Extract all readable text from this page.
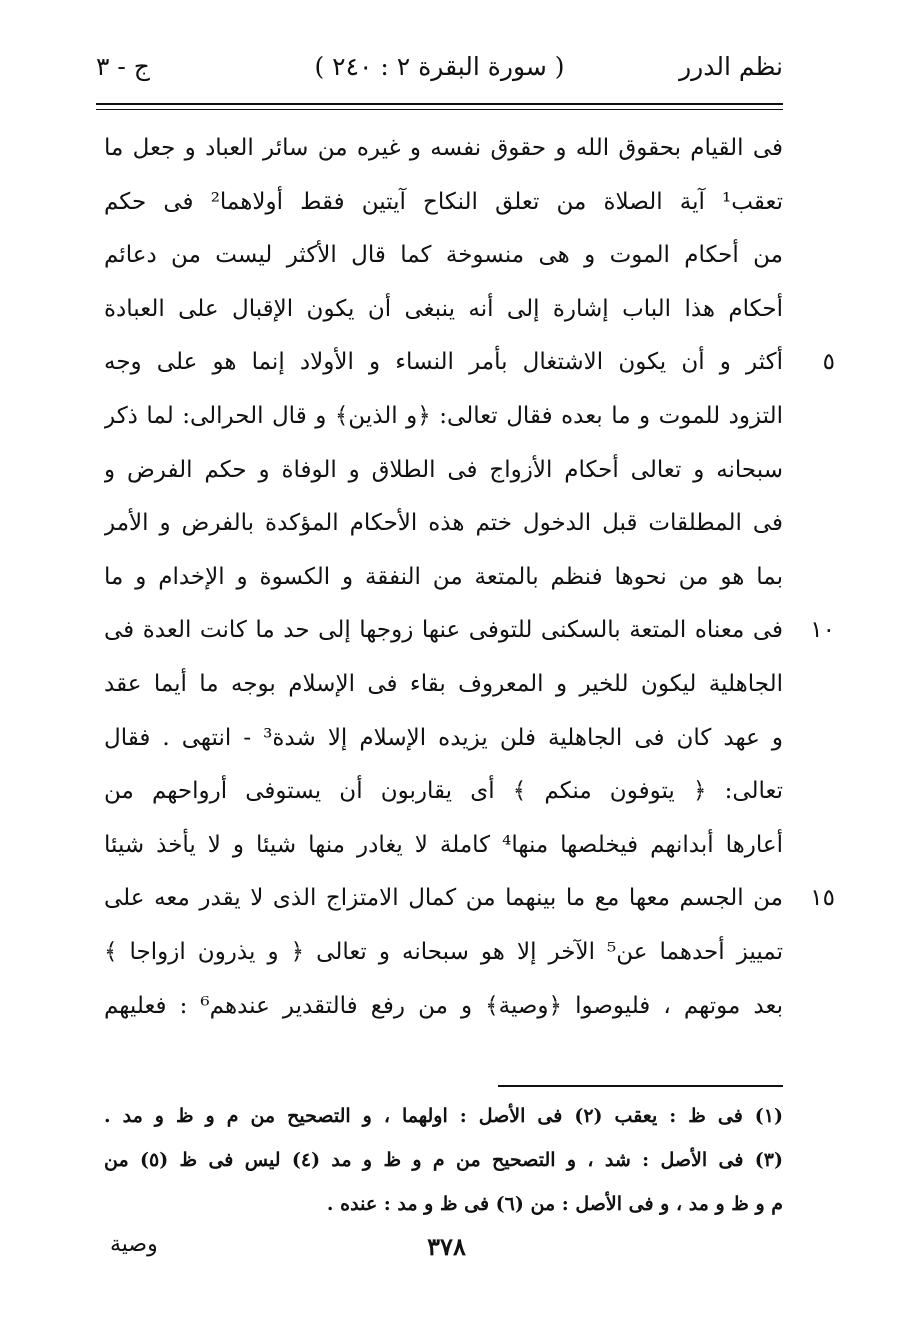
نظم الدرر
( سورة البقرة ٢ : ٢٤٠ )
ج - ٣
فى القيام بحقوق الله و حقوق نفسه و غيره من سائر العباد و جعل ما
تعقب¹ آية الصلاة من تعلق النكاح آيتين فقط أولاهما² فى حكم
من أحكام الموت و هى منسوخة كما قال الأكثر ليست من دعائم
أحكام هذا الباب إشارة إلى أنه ينبغى أن يكون الإقبال على العبادة
أكثر و أن يكون الاشتغال بأمر النساء و الأولاد إنما هو على وجه	٥
التزود للموت و ما بعده فقال تعالى: ﴿و الذين﴾ و قال الحرالى: لما ذكر
سبحانه و تعالى أحكام الأزواج فى الطلاق و الوفاة و حكم الفرض و
فى المطلقات قبل الدخول ختم هذه الأحكام المؤكدة بالفرض و الأمر
بما هو من نحوها فنظم بالمتعة من النفقة و الكسوة و الإخدام و ما
فى معناه المتعة بالسكنى للتوفى عنها زوجها إلى حد ما كانت العدة فى	١٠
الجاهلية ليكون للخير و المعروف بقاء فى الإسلام بوجه ما أيما عقد
و عهد كان فى الجاهلية فلن يزيده الإسلام إلا شدة³ - انتهى . فقال
تعالى: ﴿ يتوفون منكم ﴾ أى يقاربون أن يستوفى أرواحهم من
أعارها أبدانهم فيخلصها منها⁴ كاملة لا يغادر منها شيئا و لا يأخذ شيئا
من الجسم معها مع ما بينهما من كمال الامتزاج الذى لا يقدر معه على	١٥
تمييز أحدهما عن⁵ الآخر إلا هو سبحانه و تعالى ﴿ و يذرون ازواجا ﴾
بعد موتهم ، فليوصوا ﴿وصية﴾ و من رفع فالتقدير عندهم⁶ : فعليهم
(١) فى ظ : يعقب (٢) فى الأصل : اولهما ، و التصحيح من م و ظ و مد .
(٣) فى الأصل : شد ، و التصحيح من م و ظ و مد (٤) ليس فى ظ (٥) من
م و ظ و مد ، و فى الأصل : من (٦) فى ظ و مد : عنده .
٣٧٨
وصية
